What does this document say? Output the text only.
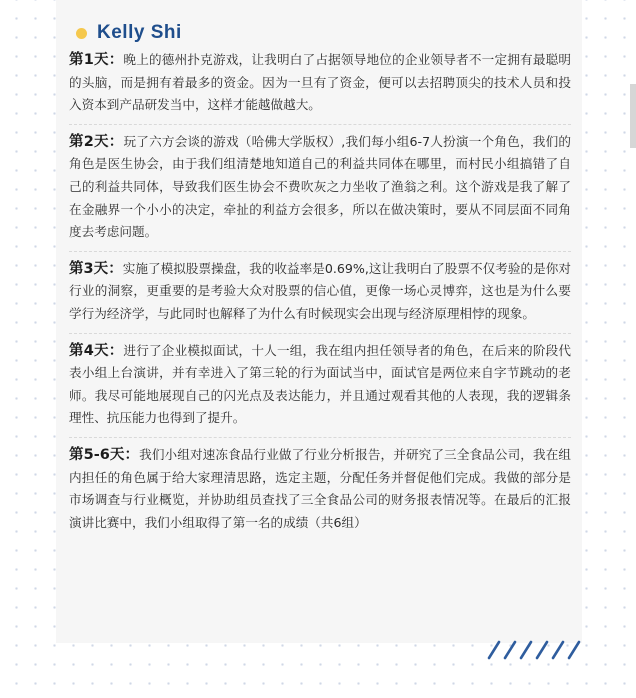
Kelly Shi

第1天：晚上的德州扑克游戏，让我明白了占据领导地位的企业领导者不一定拥有最聪明的头脑，而是拥有着最多的资金。因为一旦有了资金，便可以去招聘顶尖的技术人员和投入资本到产品研发当中，这样才能越做越大。

第2天：玩了六方会谈的游戏（哈佛大学版权）,我们每小组6-7人扮演一个角色，我们的角色是医生协会，由于我们组清楚地知道自己的利益共同体在哪里，而村民小组搞错了自己的利益共同体，导致我们医生协会不费吹灰之力坐收了渔翁之利。这个游戏是我了解了在金融界一个小小的决定，牵扯的利益方会很多，所以在做决策时，要从不同层面不同角度去考虑问题。

第3天：实施了模拟股票操盘，我的收益率是0.69%,这让我明白了股票不仅考验的是你对行业的洞察，更重要的是考验大众对股票的信心值，更像一场心灵博弈，这也是为什么要学行为经济学，与此同时也解释了为什么有时候现实会出现与经济原理相悖的现象。

第4天：进行了企业模拟面试，十人一组，我在组内担任领导者的角色，在后来的阶段代表小组上台演讲，并有幸进入了第三轮的行为面试当中，面试官是两位来自字节跳动的老师。我尽可能地展现自己的闪光点及表达能力，并且通过观看其他的人表现，我的逻辑条理性、抗压能力也得到了提升。

第5-6天：我们小组对速冻食品行业做了行业分析报告，并研究了三全食品公司，我在组内担任的角色属于给大家理清思路，选定主题，分配任务并督促他们完成。我做的部分是市场调查与行业概览，并协助组员查找了三全食品公司的财务报表情况等。在最后的汇报演讲比赛中，我们小组取得了第一名的成绩（共6组）
